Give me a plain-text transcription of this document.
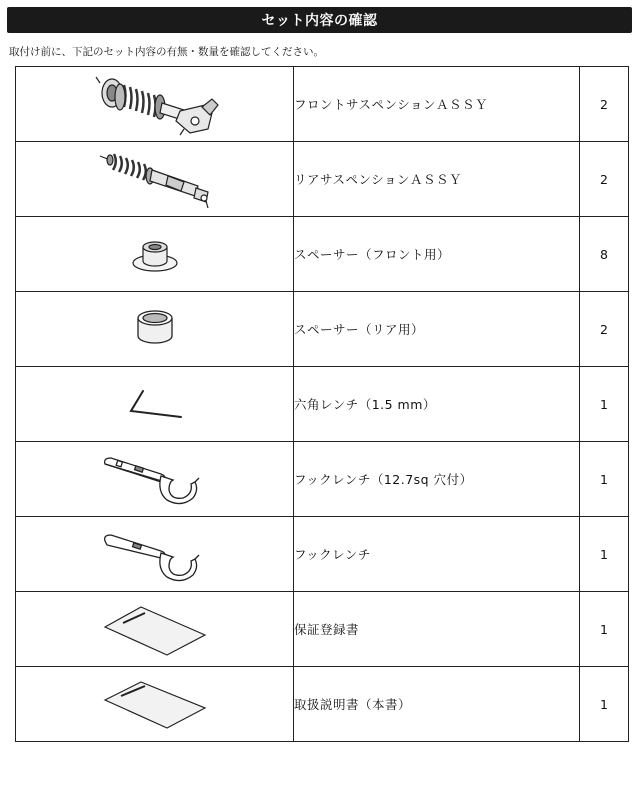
セット内容の確認
取付け前に、下記のセット内容の有無・数量を確認してください。
	フロントサスペンションＡＳＳＹ	2

	リアサスペンションＡＳＳＹ	2

	スペーサー（フロント用）	8

	スペーサー（リア用）	2

	六角レンチ（1.5 mm）	1

	フックレンチ（12.7sq 穴付）	1

	フックレンチ	1

	保証登録書	1

	取扱説明書（本書）	1
